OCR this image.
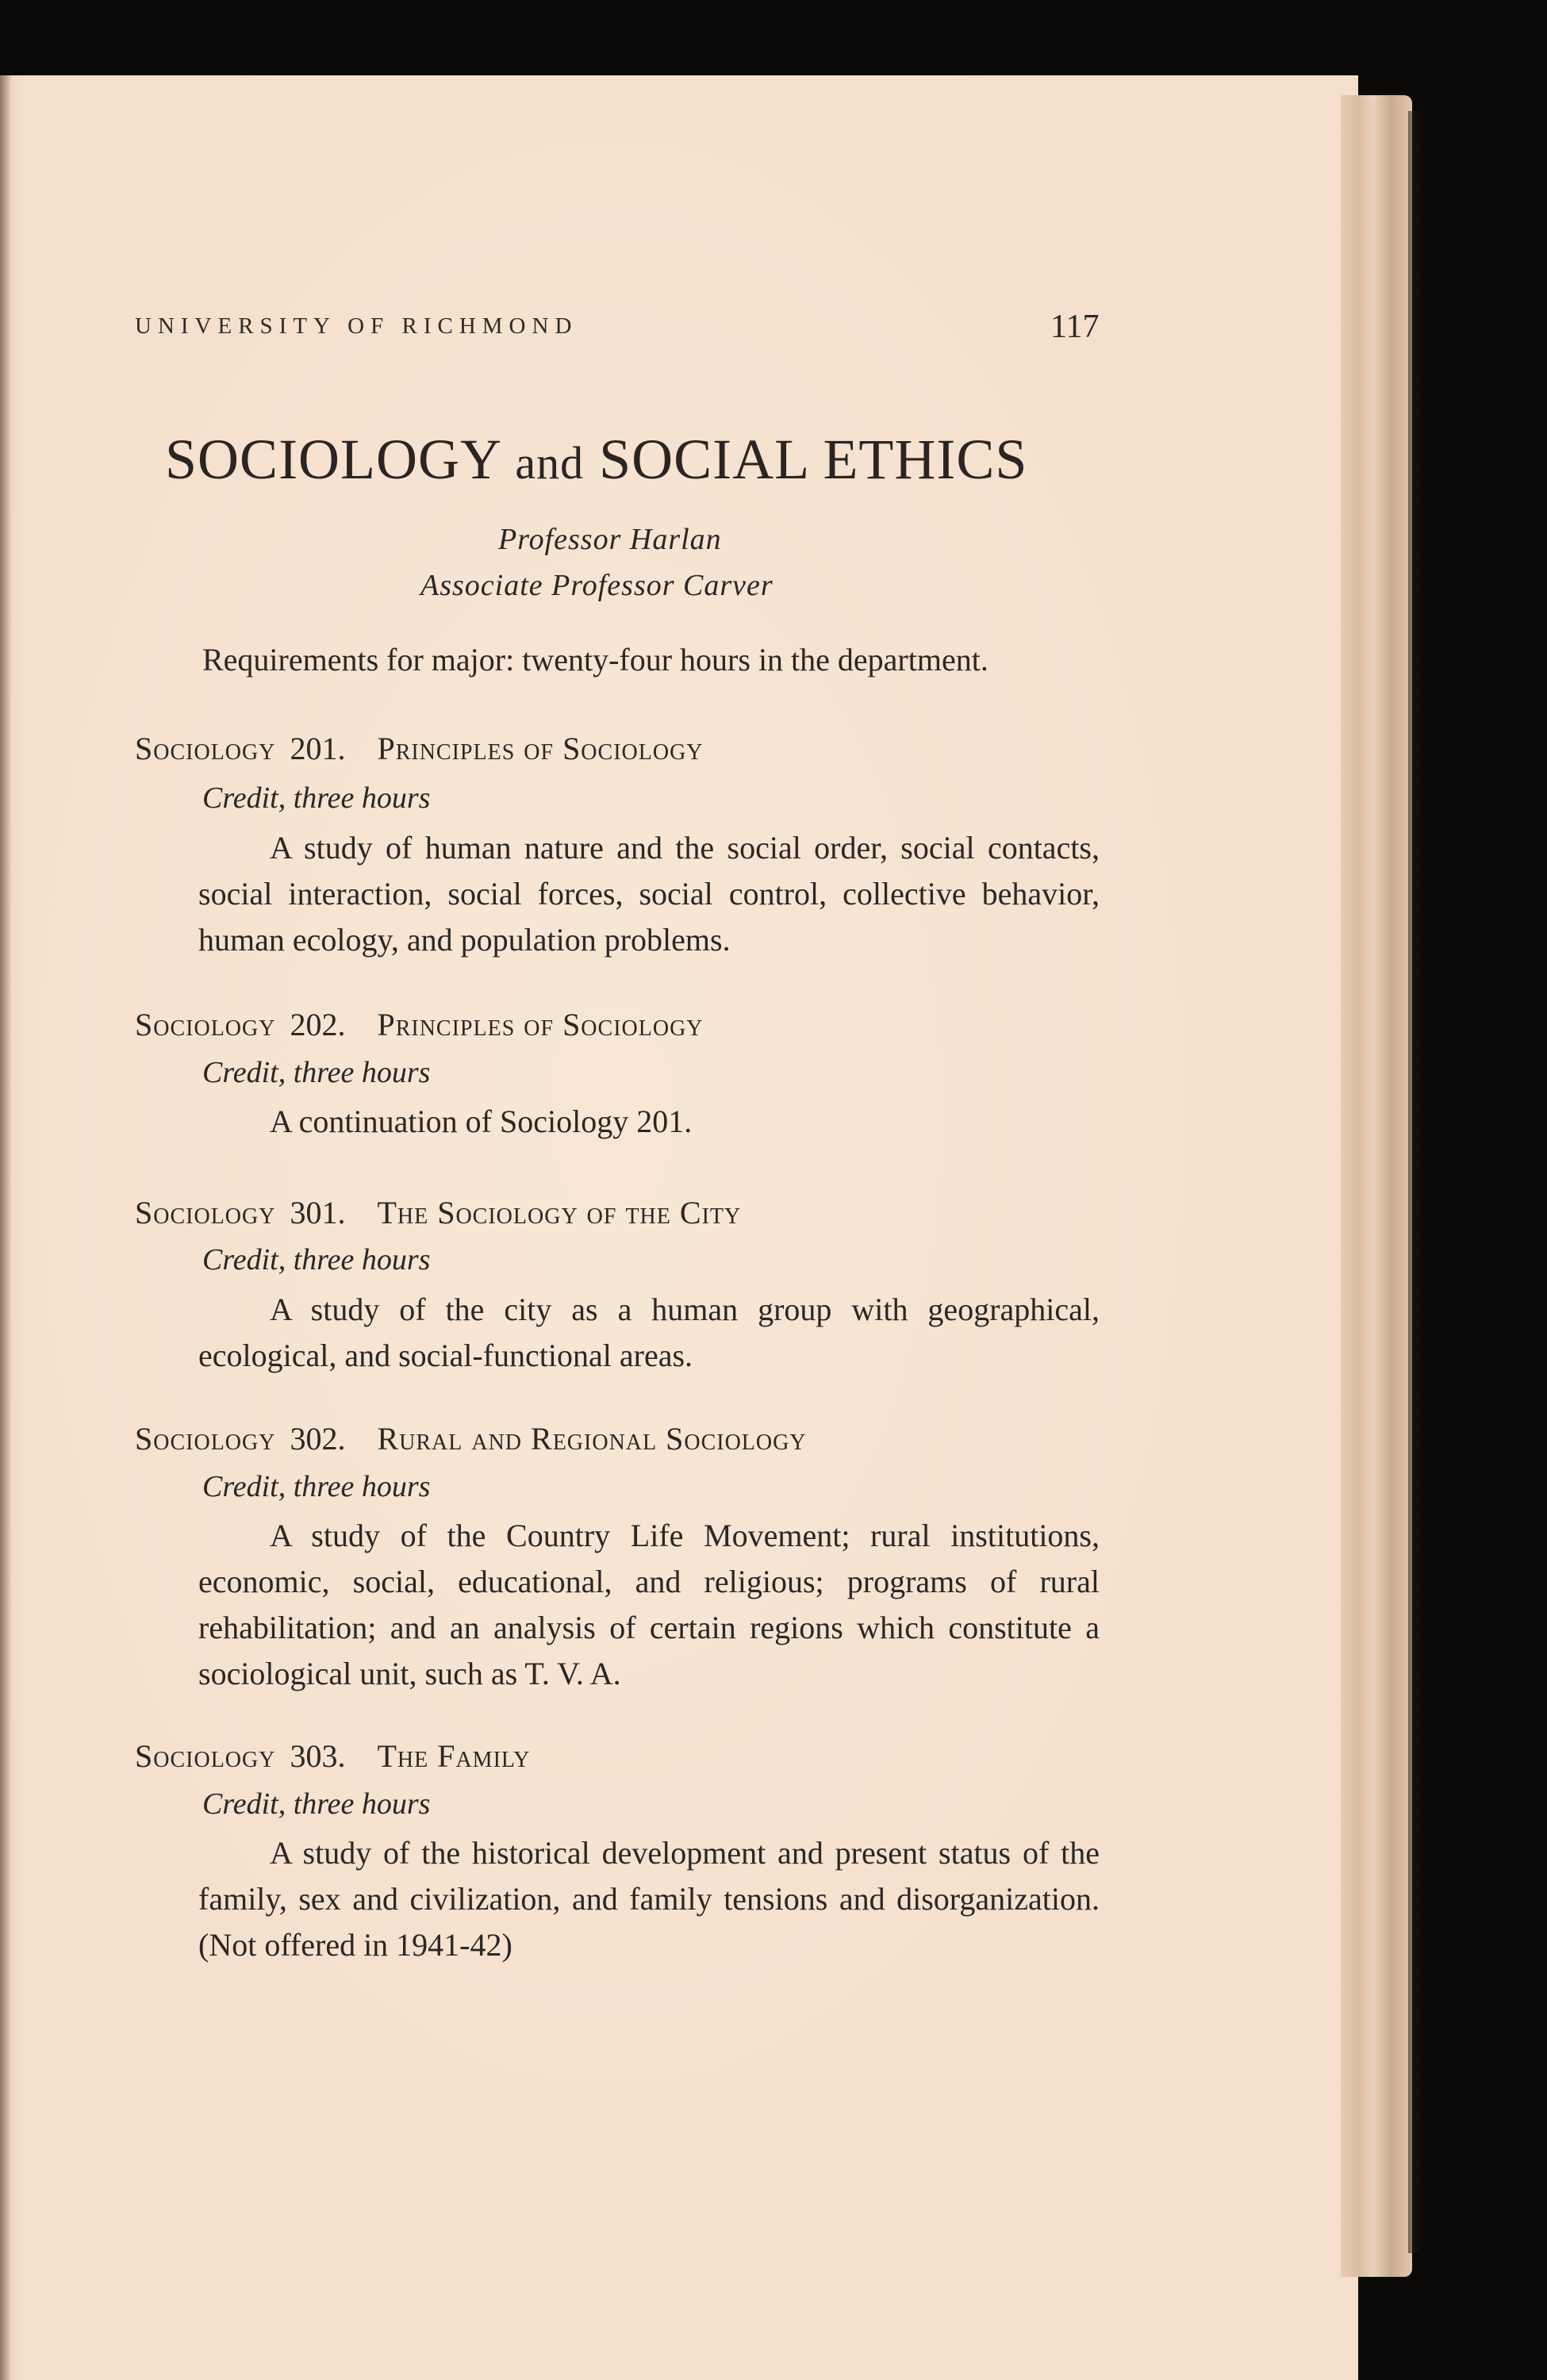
UNIVERSITY OF RICHMOND	117
SOCIOLOGY and SOCIAL ETHICS
Professor Harlan
Associate Professor Carver
Requirements for major: twenty-four hours in the department.
Sociology 201. Principles of Sociology
Credit, three hours

A study of human nature and the social order, social contacts, social interaction, social forces, social control, collective behavior, human ecology, and population problems.

Sociology 202. Principles of Sociology
Credit, three hours

A continuation of Sociology 201.

Sociology 301. The Sociology of the City
Credit, three hours

A study of the city as a human group with geographical, ecological, and social-functional areas.

Sociology 302. Rural and Regional Sociology
Credit, three hours

A study of the Country Life Movement; rural institutions, economic, social, educational, and religious; programs of rural rehabilitation; and an analysis of certain regions which constitute a sociological unit, such as T. V. A.

Sociology 303. The Family
Credit, three hours

A study of the historical development and present status of the family, sex and civilization, and family tensions and disorganization. (Not offered in 1941-42)
